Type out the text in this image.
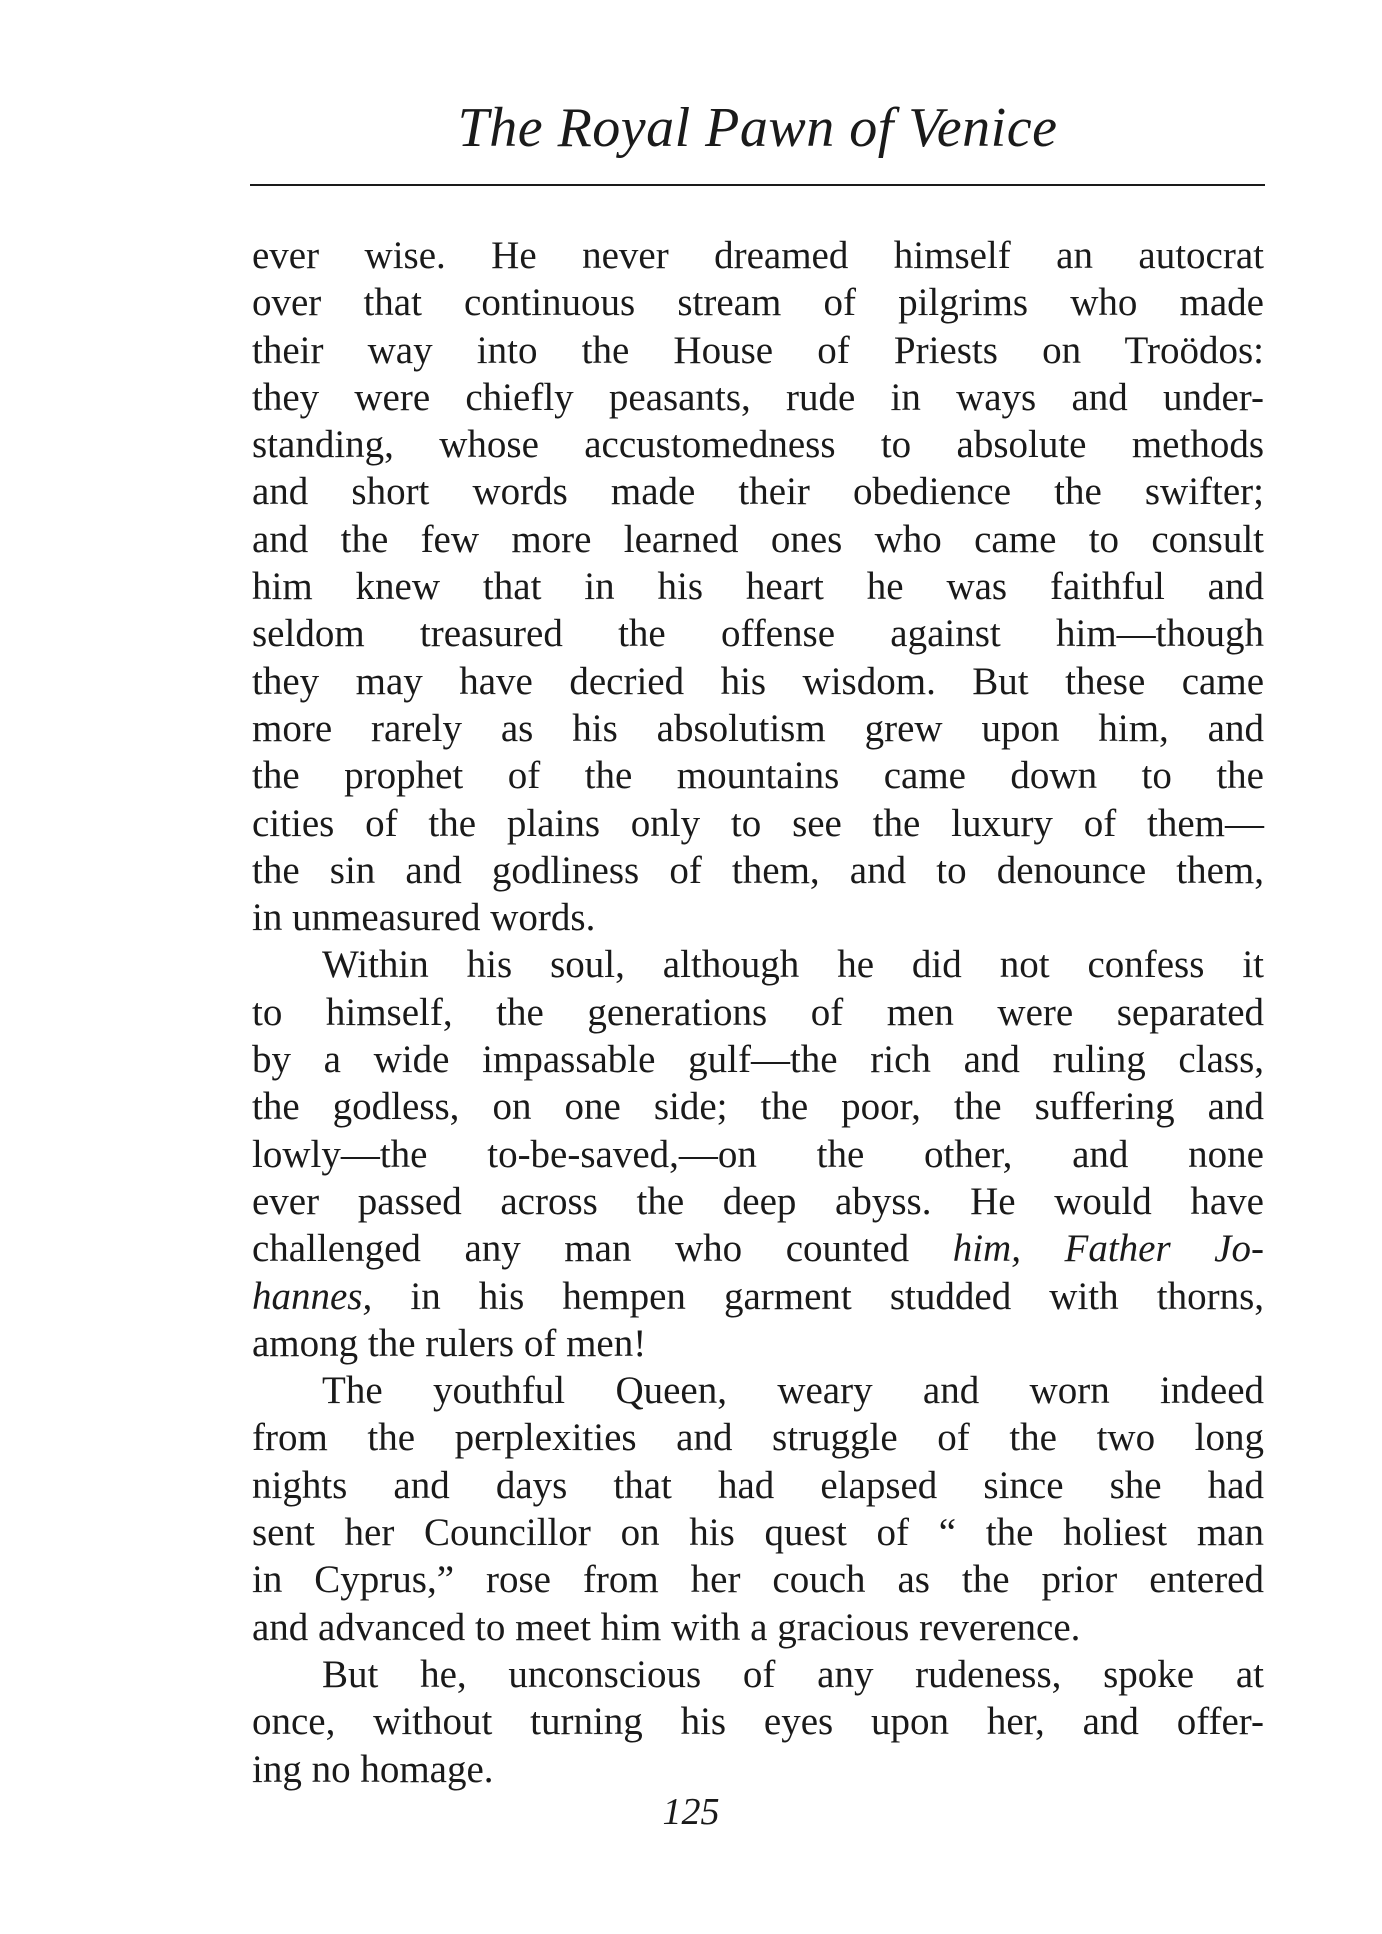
The Royal Pawn of Venice
ever wise. He never dreamed himself an autocrat
over that continuous stream of pilgrims who made
their way into the House of Priests on Troödos:
they were chiefly peasants, rude in ways and under-
standing, whose accustomedness to absolute methods
and short words made their obedience the swifter;
and the few more learned ones who came to consult
him knew that in his heart he was faithful and
seldom treasured the offense against him—though
they may have decried his wisdom. But these came
more rarely as his absolutism grew upon him, and
the prophet of the mountains came down to the
cities of the plains only to see the luxury of them—
the sin and godliness of them, and to denounce them,
in unmeasured words.
Within his soul, although he did not confess it
to himself, the generations of men were separated
by a wide impassable gulf—the rich and ruling class,
the godless, on one side; the poor, the suffering and
lowly—the to-be-saved,—on the other, and none
ever passed across the deep abyss. He would have
challenged any man who counted him, Father Jo-
hannes, in his hempen garment studded with thorns,
among the rulers of men!
The youthful Queen, weary and worn indeed
from the perplexities and struggle of the two long
nights and days that had elapsed since she had
sent her Councillor on his quest of “ the holiest man
in Cyprus,” rose from her couch as the prior entered
and advanced to meet him with a gracious reverence.
But he, unconscious of any rudeness, spoke at
once, without turning his eyes upon her, and offer-
ing no homage.
125
